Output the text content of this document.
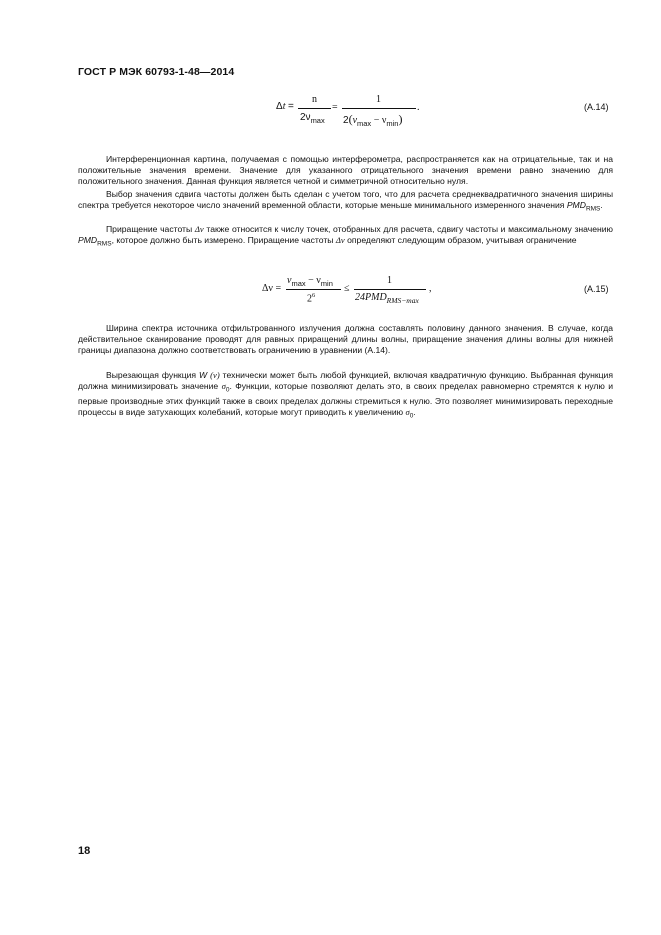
ГОСТ Р МЭК 60793-1-48—2014
Δt =
n
$2\nu_{max}$
=
1
$2(\nu_{max} - \nu_{min})$
.	(А.14)

Интерференционная картина, получаемая с помощью интерферометра, распространяется как на отрицательные, так и на положительные значения времени. Значение для указанного отрицательного значения времени равно значению для положительного значения. Данная функция является четной и симметричной относительно нуля.

Выбор значения сдвига частоты должен быть сделан с учетом того, что для расчета среднеквадратичного значения ширины спектра требуется некоторое число значений временной области, которые меньше минимального измеренного значения $PMD_{RMS}$.

Приращение частоты Δν также относится к числу точек, отобранных для расчета, сдвигу частоты и максимальному значению $PMD_{RMS}$, которое должно быть измерено. Приращение частоты Δν определяют следующим образом, учитывая ограничение

Δν =
$\nu_{max} - \nu_{min}$
$2^6$
≤
1
$24PMD_{RMS-max}$
,	(А.15)

Ширина спектра источника отфильтрованного излучения должна составлять половину данного значения. В случае, когда действительное сканирование проводят для равных приращений длины волны, приращение значения длины волны для нижней границы диапазона должно соответствовать ограничению в уравнении (А.14).

Вырезающая функция W (ν) технически может быть любой функцией, включая квадратичную функцию. Выбранная функция должна минимизировать значение $\sigma_0$. Функции, которые позволяют делать это, в своих пределах равномерно стремятся к нулю и первые производные этих функций также в своих пределах должны стремиться к нулю. Это позволяет минимизировать переходные процессы в виде затухающих колебаний, которые могут приводить к увеличению $\sigma_0$.

18
